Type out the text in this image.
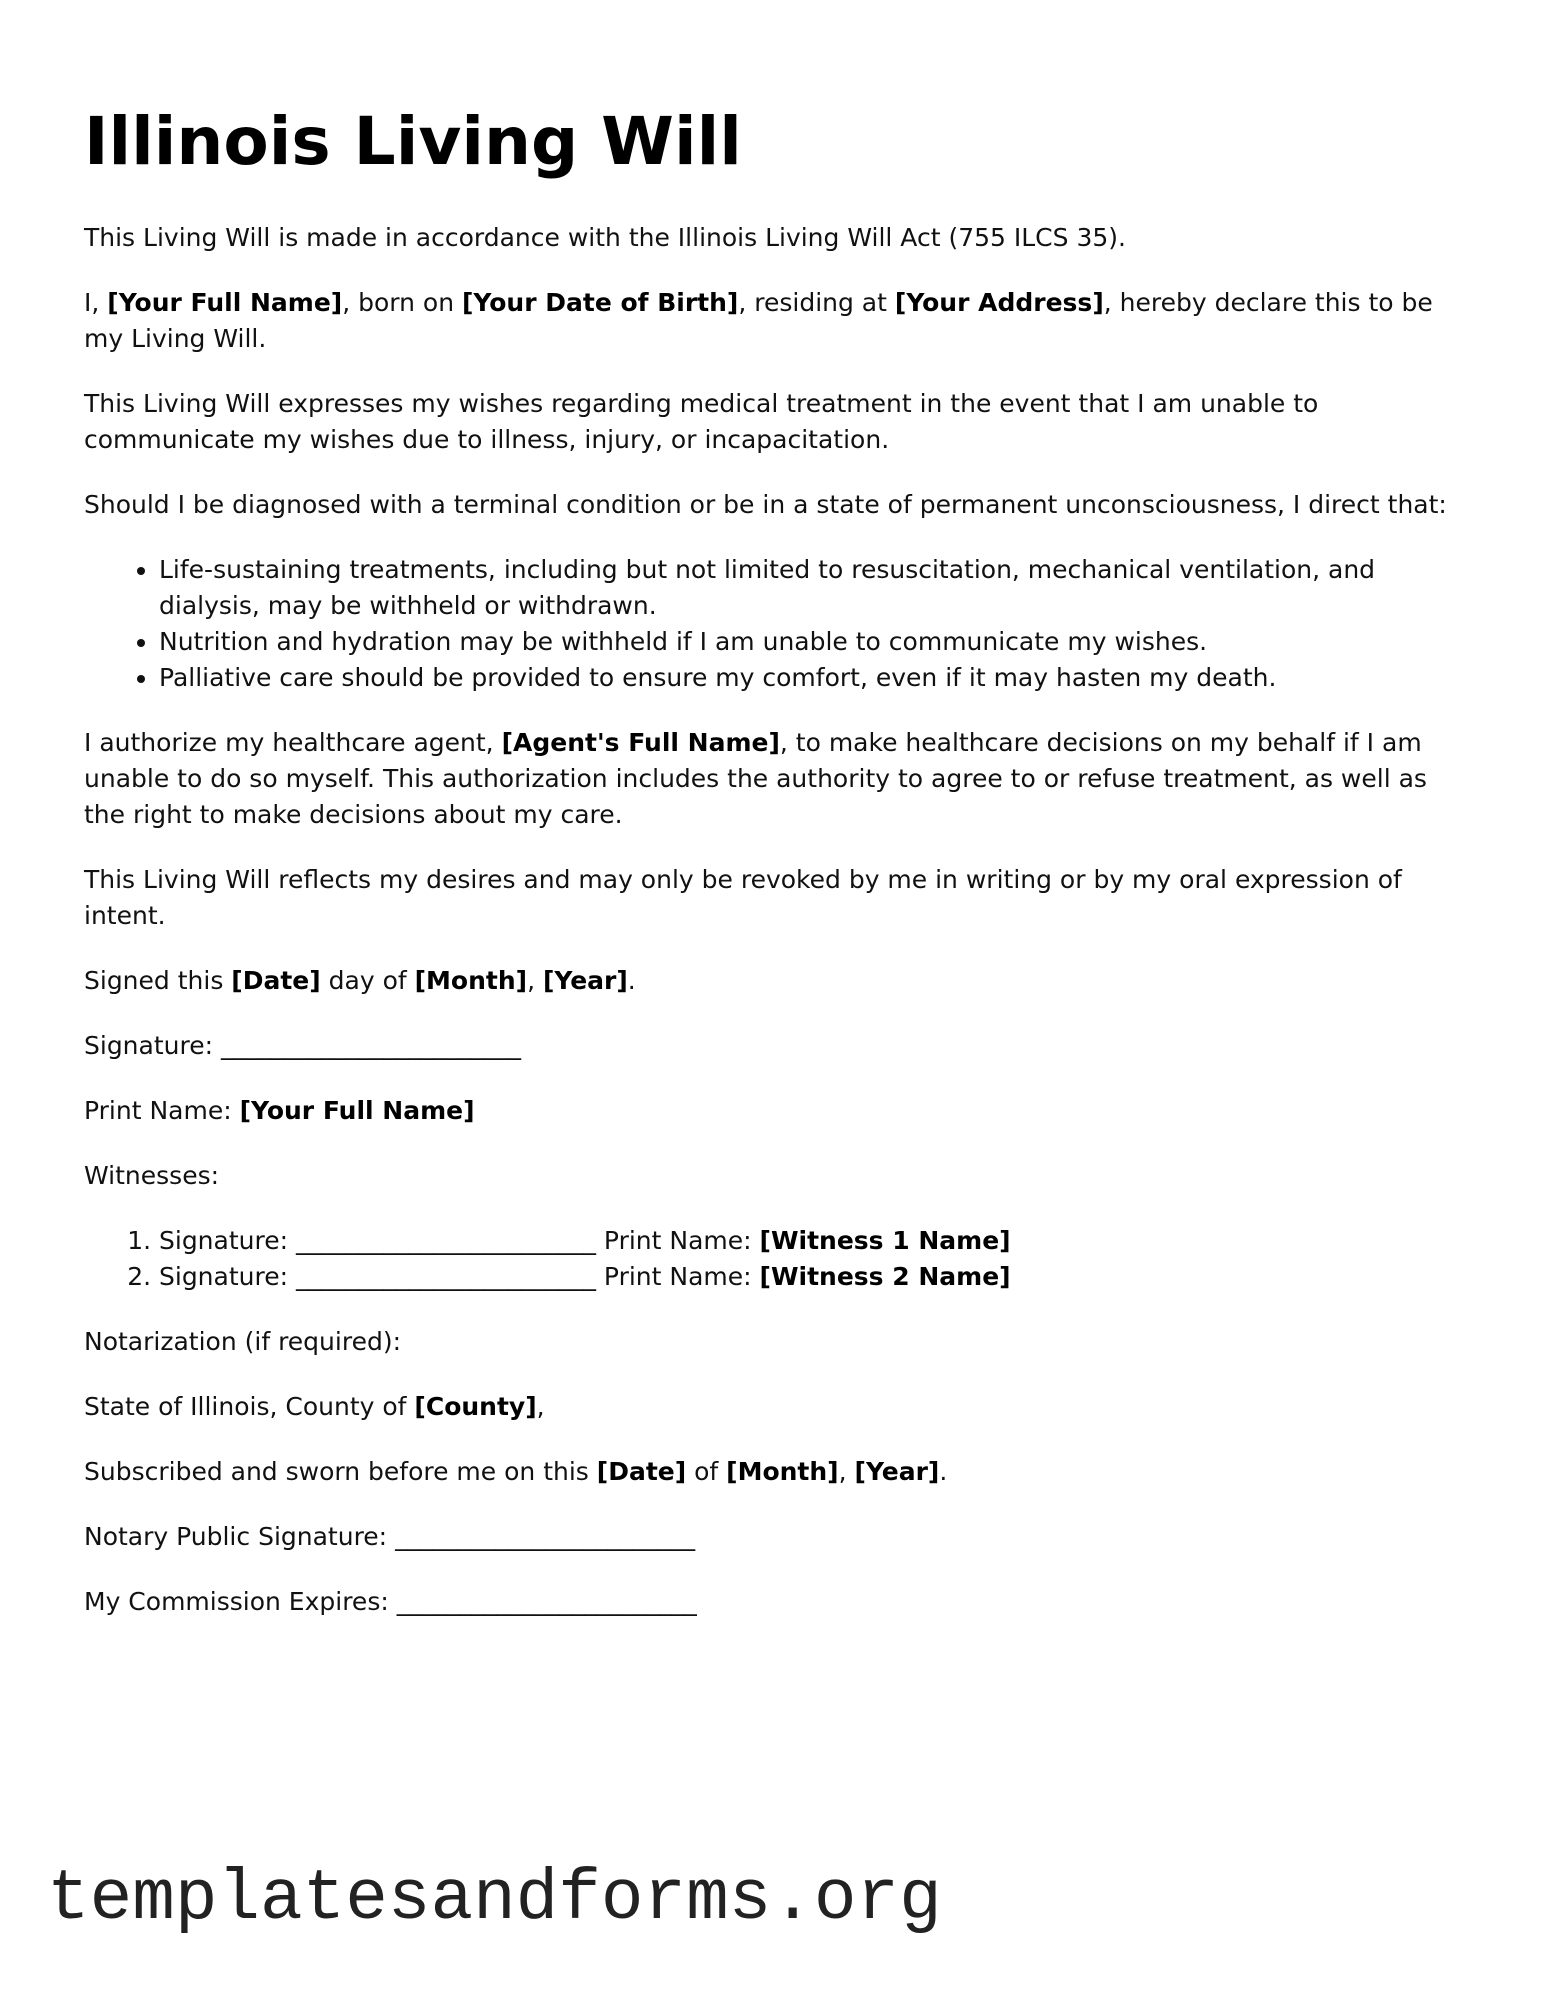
Illinois Living Will

This Living Will is made in accordance with the Illinois Living Will Act (755 ILCS 35).

I, [Your Full Name], born on [Your Date of Birth], residing at [Your Address], hereby declare this to be my Living Will.

This Living Will expresses my wishes regarding medical treatment in the event that I am unable to communicate my wishes due to illness, injury, or incapacitation.

Should I be diagnosed with a terminal condition or be in a state of permanent unconsciousness, I direct that:

• Life-sustaining treatments, including but not limited to resuscitation, mechanical ventilation, and dialysis, may be withheld or withdrawn.
• Nutrition and hydration may be withheld if I am unable to communicate my wishes.
• Palliative care should be provided to ensure my comfort, even if it may hasten my death.

I authorize my healthcare agent, [Agent's Full Name], to make healthcare decisions on my behalf if I am unable to do so myself. This authorization includes the authority to agree to or refuse treatment, as well as the right to make decisions about my care.

This Living Will reflects my desires and may only be revoked by me in writing or by my oral expression of intent.

Signed this [Date] day of [Month], [Year].

Signature: ________________________

Print Name: [Your Full Name]

Witnesses:

1. Signature: ________________________ Print Name: [Witness 1 Name]
2. Signature: ________________________ Print Name: [Witness 2 Name]

Notarization (if required):

State of Illinois, County of [County],

Subscribed and sworn before me on this [Date] of [Month], [Year].

Notary Public Signature: ________________________

My Commission Expires: ________________________

templatesandforms.org
